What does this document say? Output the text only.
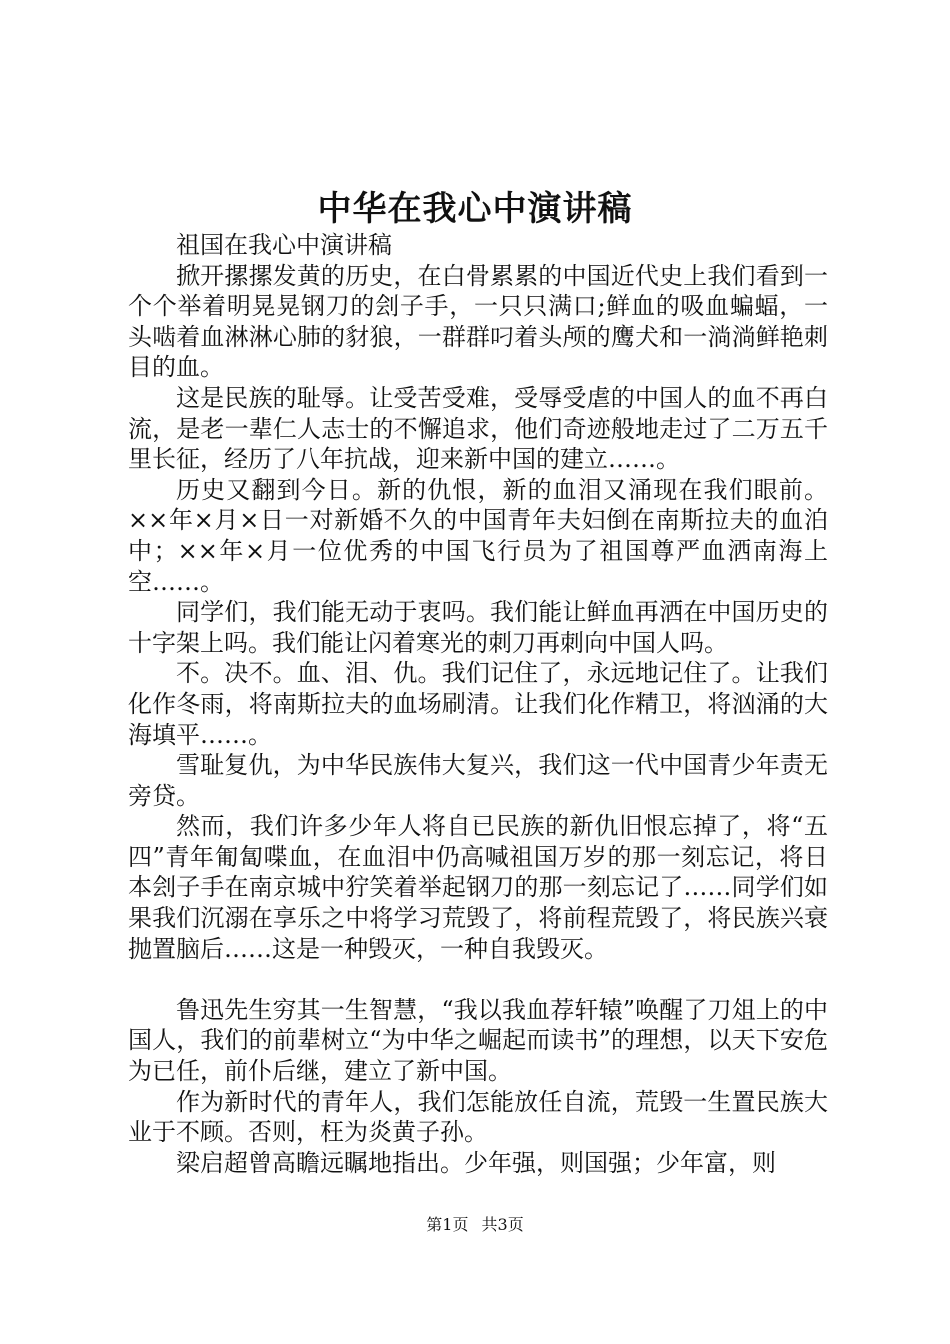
中华在我心中演讲稿

祖国在我心中演讲稿

掀开摞摞发黄的历史，在白骨累累的中国近代史上我们看到一个个举着明晃晃钢刀的刽子手，一只只满口;鲜血的吸血蝙蝠，一头啮着血淋淋心肺的豺狼，一群群叼着头颅的鹰犬和一淌淌鲜艳刺目的血。

这是民族的耻辱。让受苦受难，受辱受虐的中国人的血不再白流，是老一辈仁人志士的不懈追求，他们奇迹般地走过了二万五千里长征，经历了八年抗战，迎来新中国的建立……。

历史又翻到今日。新的仇恨，新的血泪又涌现在我们眼前。××年×月×日一对新婚不久的中国青年夫妇倒在南斯拉夫的血泊中；××年×月一位优秀的中国飞行员为了祖国尊严血洒南海上空……。

同学们，我们能无动于衷吗。我们能让鲜血再洒在中国历史的十字架上吗。我们能让闪着寒光的刺刀再刺向中国人吗。

不。决不。血、泪、仇。我们记住了，永远地记住了。让我们化作冬雨，将南斯拉夫的血场刷清。让我们化作精卫，将汹涌的大海填平……。

雪耻复仇，为中华民族伟大复兴，我们这一代中国青少年责无旁贷。

然而，我们许多少年人将自已民族的新仇旧恨忘掉了，将“五四”青年匍匐喋血，在血泪中仍高喊祖国万岁的那一刻忘记，将日本刽子手在南京城中狞笑着举起钢刀的那一刻忘记了……同学们如果我们沉溺在享乐之中将学习荒毁了，将前程荒毁了，将民族兴衰抛置脑后……这是一种毁灭，一种自我毁灭。

鲁迅先生穷其一生智慧，“我以我血荐轩辕”唤醒了刀俎上的中国人，我们的前辈树立“为中华之崛起而读书”的理想，以天下安危为已任，前仆后继，建立了新中国。

作为新时代的青年人，我们怎能放任自流，荒毁一生置民族大业于不顾。否则，枉为炎黄子孙。

梁启超曾高瞻远瞩地指出。少年强，则国强；少年富，则

第1页 共3页
